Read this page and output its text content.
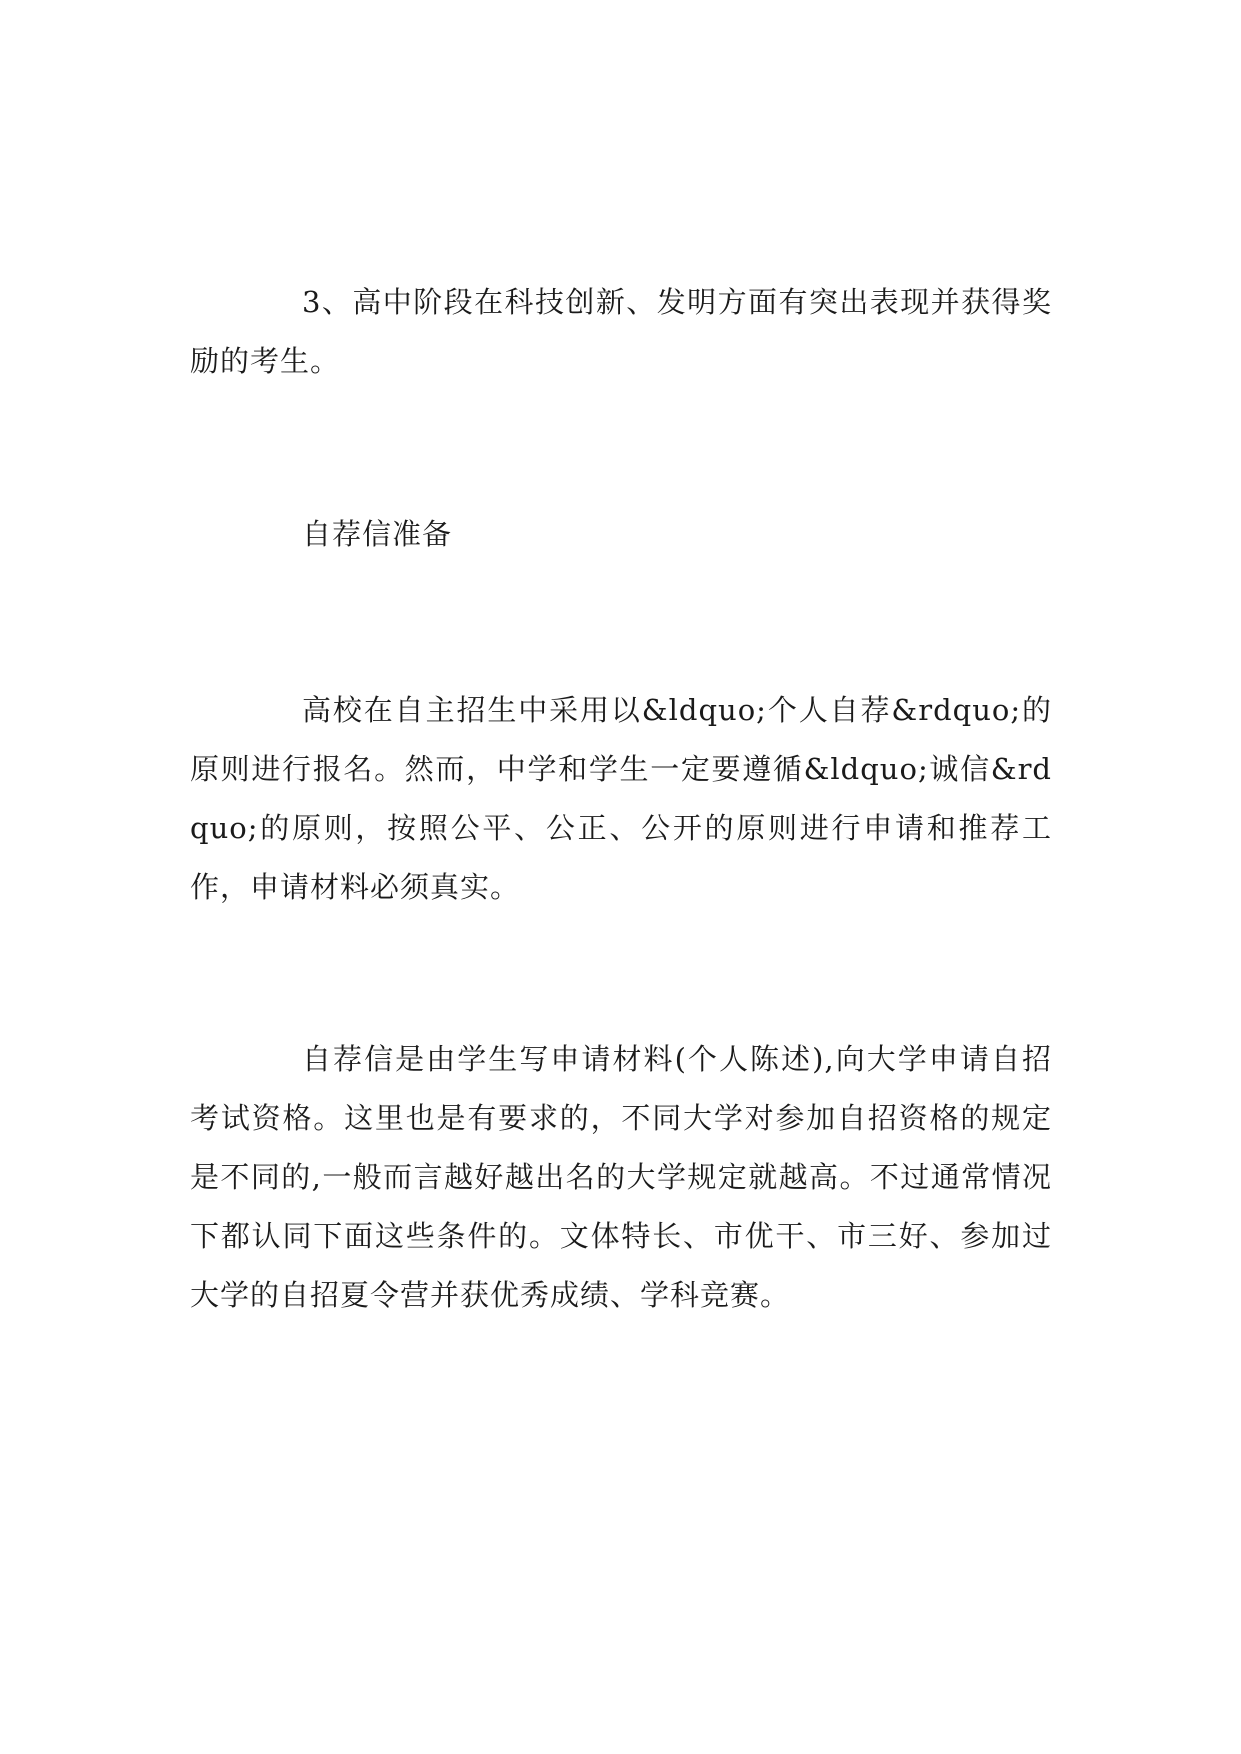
3、高中阶段在科技创新、发明方面有突出表现并获得奖励的考生。

自荐信准备

高校在自主招生中采用以&ldquo;个人自荐&rdquo;的原则进行报名。然而，中学和学生一定要遵循&ldquo;诚信&rdquo;的原则，按照公平、公正、公开的原则进行申请和推荐工作，申请材料必须真实。

自荐信是由学生写申请材料(个人陈述),向大学申请自招考试资格。这里也是有要求的，不同大学对参加自招资格的规定是不同的,一般而言越好越出名的大学规定就越高。不过通常情况下都认同下面这些条件的。文体特长、市优干、市三好、参加过大学的自招夏令营并获优秀成绩、学科竞赛。
